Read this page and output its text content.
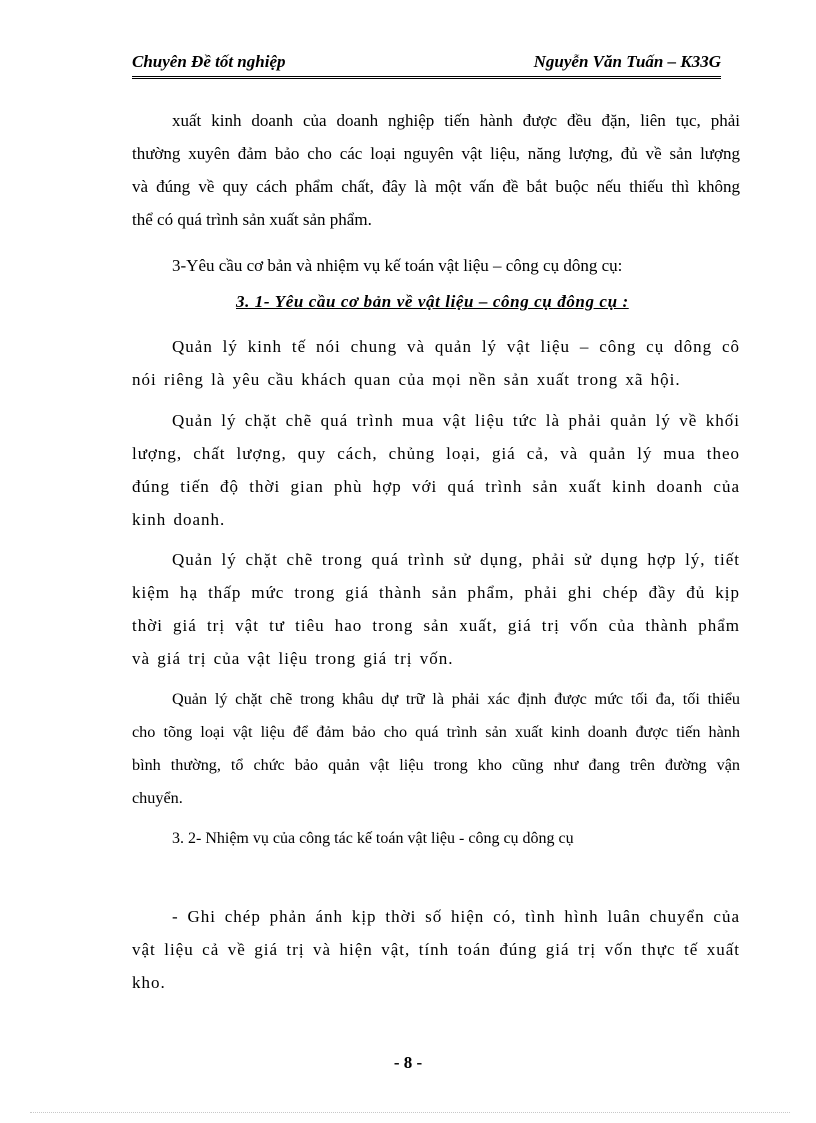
Chuyên Đề tốt nghiệp	Nguyễn Văn Tuấn – K33G

xuất kinh doanh của doanh nghiệp tiến hành được đều đặn, liên tục, phải

thường xuyên đảm bảo cho các loại nguyên vật liệu, năng lượng, đủ về sản lượng

và đúng về quy cách phẩm chất, đây là một vấn đề bắt buộc nếu thiếu thì không

thể có quá trình sản xuất sản phẩm.

3-Yêu cầu cơ bản và nhiệm vụ kế toán vật liệu – công cụ dông cụ:
3. 1- Yêu cầu cơ bản về vật liệu – công cụ đông cụ :

Quản lý kinh tế nói chung và quản lý vật liệu – công cụ dông cô

nói riêng là yêu cầu khách quan của mọi nền sản xuất trong xã hội.

Quản lý chặt chẽ quá trình mua vật liệu tức là phải quản lý về khối

lượng, chất lượng, quy cách, chủng loại, giá cả, và quản lý mua theo

đúng tiến độ thời gian phù hợp với quá trình sản xuất kinh doanh của

kinh doanh.

Quản lý chặt chẽ trong quá trình sử dụng, phải sử dụng hợp lý, tiết

kiệm hạ thấp mức trong giá thành sản phẩm, phải ghi chép đầy đủ kịp

thời giá trị vật tư tiêu hao trong sản xuất, giá trị vốn của thành phẩm

và giá trị của vật liệu trong giá trị vốn.

Quản lý chặt chẽ trong khâu dự trữ là phải xác định được mức tối đa, tối thiểu

cho tõng loại vật liệu để đảm bảo cho quá trình sản xuất kinh doanh được tiến hành

bình thường, tổ chức bảo quản vật liệu trong kho cũng như đang trên đường vận

chuyển.

3. 2- Nhiệm vụ của công tác kế toán vật liệu - công cụ dông cụ

- Ghi chép phản ánh kịp thời số hiện có, tình hình luân chuyển của

vật liệu cả về giá trị và hiện vật, tính toán đúng giá trị vốn thực tế xuất

kho.

- 8 -
